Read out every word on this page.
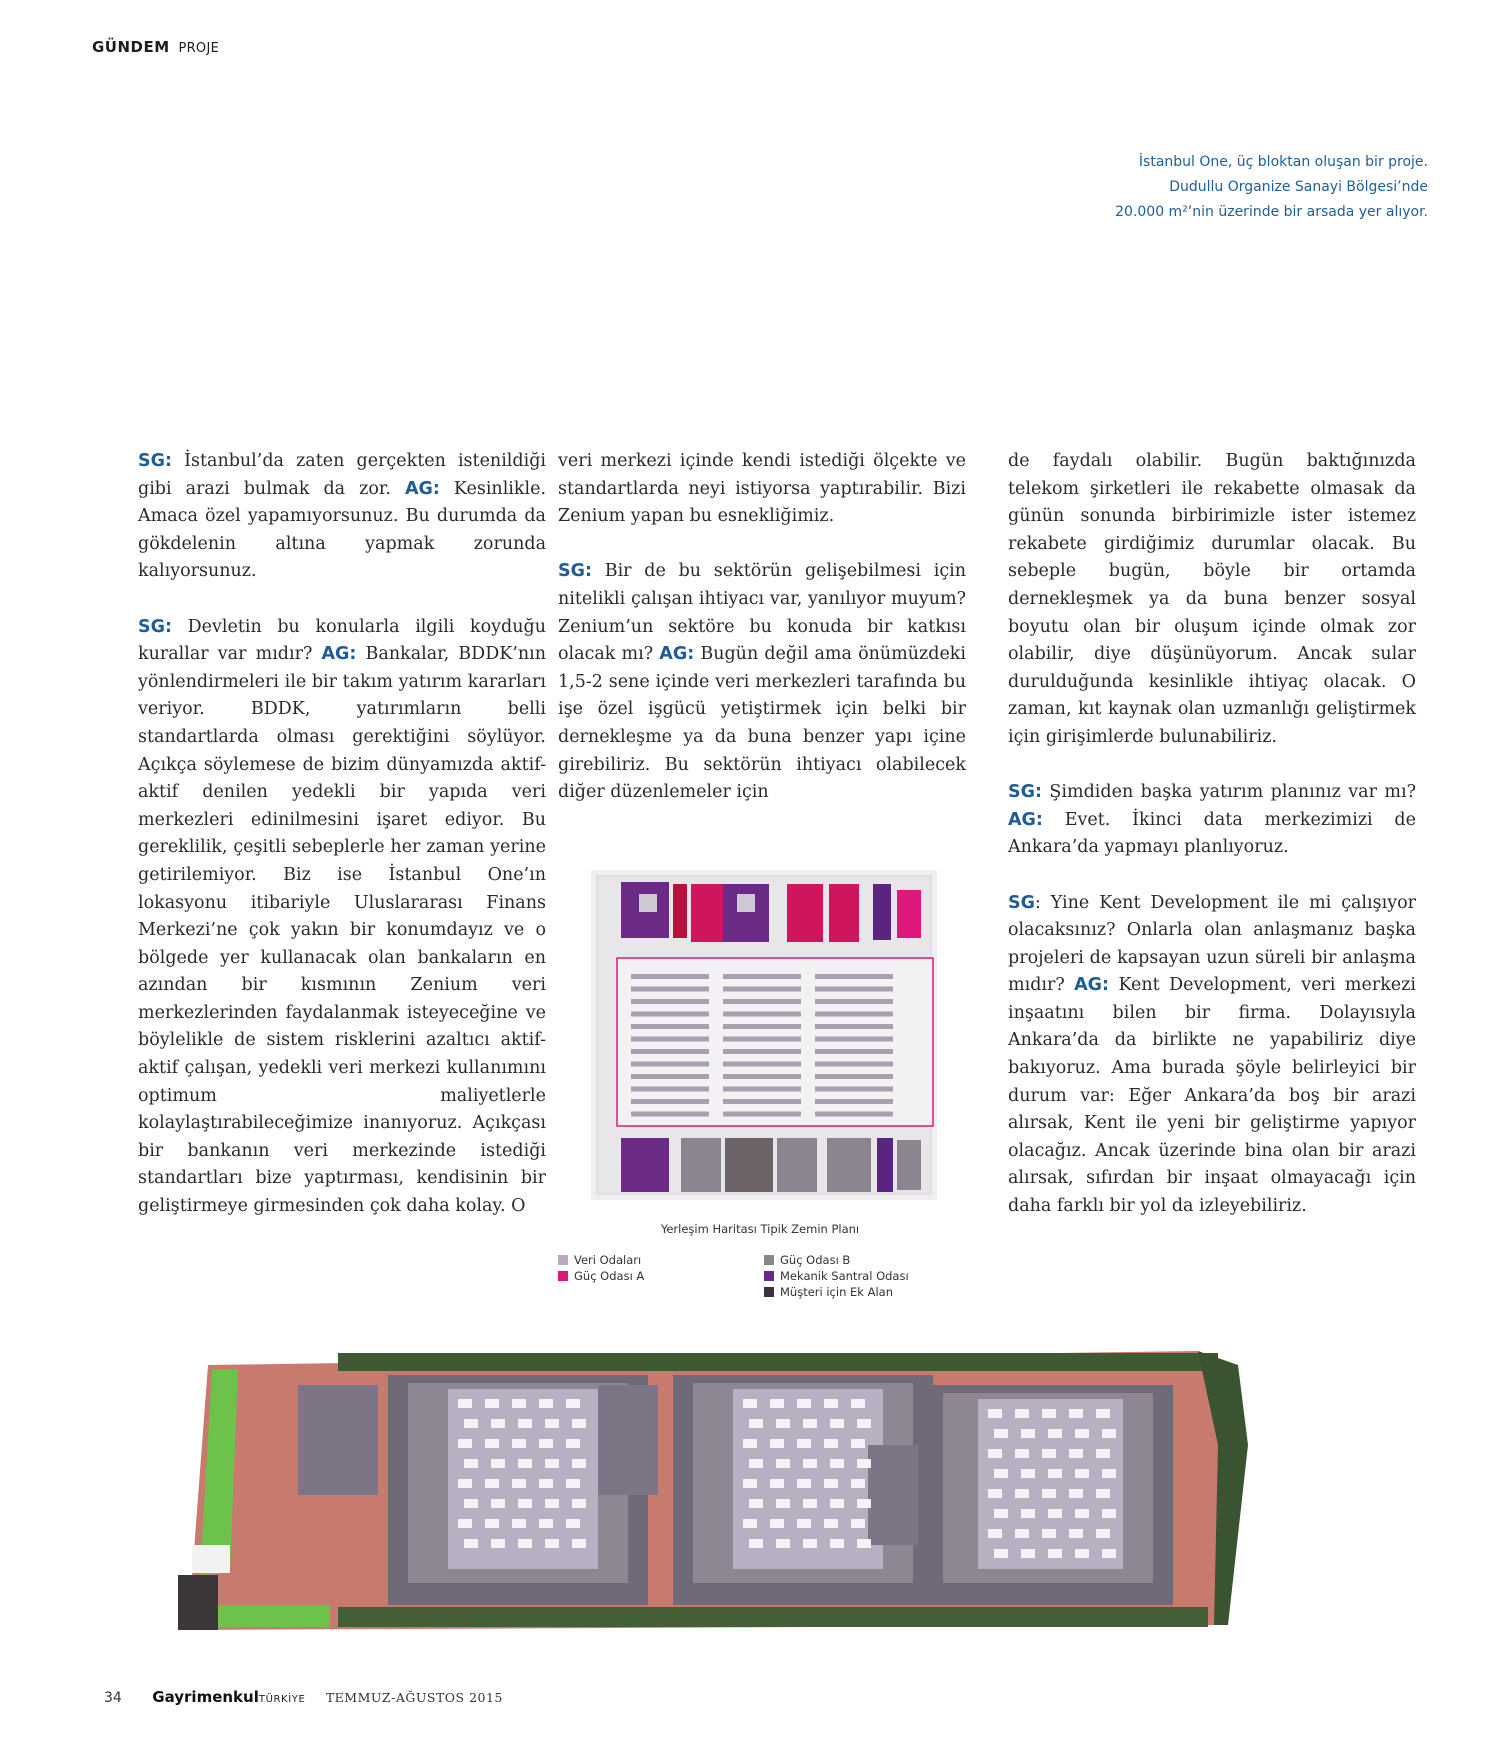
GÜNDEM PROJE
İstanbul One, üç bloktan oluşan bir proje.
Dudullu Organize Sanayi Bölgesi’nde
20.000 m²’nin üzerinde bir arsada yer alıyor.

SG: İstanbul’da zaten gerçekten istenildiği gibi arazi bulmak da zor. AG: Kesinlikle. Amaca özel yapamıyorsunuz. Bu durumda da gökdelenin altına yapmak zorunda kalıyorsunuz.

SG: Devletin bu konularla ilgili koyduğu kurallar var mıdır? AG: Bankalar, BDDK’nın yönlendirmeleri ile bir takım yatırım kararları veriyor. BDDK, yatırımların belli standartlarda olması gerektiğini söylüyor. Açıkça söylemese de bizim dünyamızda aktif-aktif denilen yedekli bir yapıda veri merkezleri edinilmesini işaret ediyor. Bu gereklilik, çeşitli sebeplerle her zaman yerine getirilemiyor. Biz ise İstanbul One’ın lokasyonu itibariyle Uluslararası Finans Merkezi’ne çok yakın bir konumdayız ve o bölgede yer kullanacak olan bankaların en azından bir kısmının Zenium veri merkezlerinden faydalanmak isteyeceğine ve böylelikle de sistem risklerini azaltıcı aktif-aktif çalışan, yedekli veri merkezi kullanımını optimum maliyetlerle kolaylaştırabileceğimize inanıyoruz. Açıkçası bir bankanın veri merkezinde istediği standartları bize yaptırması, kendisinin bir geliştirmeye girmesinden çok daha kolay. O

veri merkezi içinde kendi istediği ölçekte ve standartlarda neyi istiyorsa yaptırabilir. Bizi Zenium yapan bu esnekliğimiz.

SG: Bir de bu sektörün gelişebilmesi için nitelikli çalışan ihtiyacı var, yanılıyor muyum? Zenium’un sektöre bu konuda bir katkısı olacak mı? AG: Bugün değil ama önümüzdeki 1,5-2 sene içinde veri merkezleri tarafında bu işe özel işgücü yetiştirmek için belki bir dernekleşme ya da buna benzer yapı içine girebiliriz. Bu sektörün ihtiyacı olabilecek diğer düzenlemeler için

de faydalı olabilir. Bugün baktığınızda telekom şirketleri ile rekabette olmasak da günün sonunda birbirimizle ister istemez rekabete girdiğimiz durumlar olacak. Bu sebeple bugün, böyle bir ortamda dernekleşmek ya da buna benzer sosyal boyutu olan bir oluşum içinde olmak zor olabilir, diye düşünüyorum. Ancak sular durulduğunda kesinlikle ihtiyaç olacak. O zaman, kıt kaynak olan uzmanlığı geliştirmek için girişimlerde bulunabiliriz.

SG: Şimdiden başka yatırım planınız var mı? AG: Evet. İkinci data merkezimizi de Ankara’da yapmayı planlıyoruz.

SG: Yine Kent Development ile mi çalışıyor olacaksınız? Onlarla olan anlaşmanız başka projeleri de kapsayan uzun süreli bir anlaşma mıdır? AG: Kent Development, veri merkezi inşaatını bilen bir firma. Dolayısıyla Ankara’da da birlikte ne yapabiliriz diye bakıyoruz. Ama burada şöyle belirleyici bir durum var: Eğer Ankara’da boş bir arazi alırsak, Kent ile yeni bir geliştirme yapıyor olacağız. Ancak üzerinde bina olan bir arazi alırsak, sıfırdan bir inşaat olmayacağı için daha farklı bir yol da izleyebiliriz.

Yerleşim Haritası Tipik Zemin Planı
Veri Odaları
Güç Odası A
Güç Odası B
Mekanik Santral Odası
Müşteri için Ek Alan
34 GayrimenkulTÜRKİYE TEMMUZ-AĞUSTOS 2015
